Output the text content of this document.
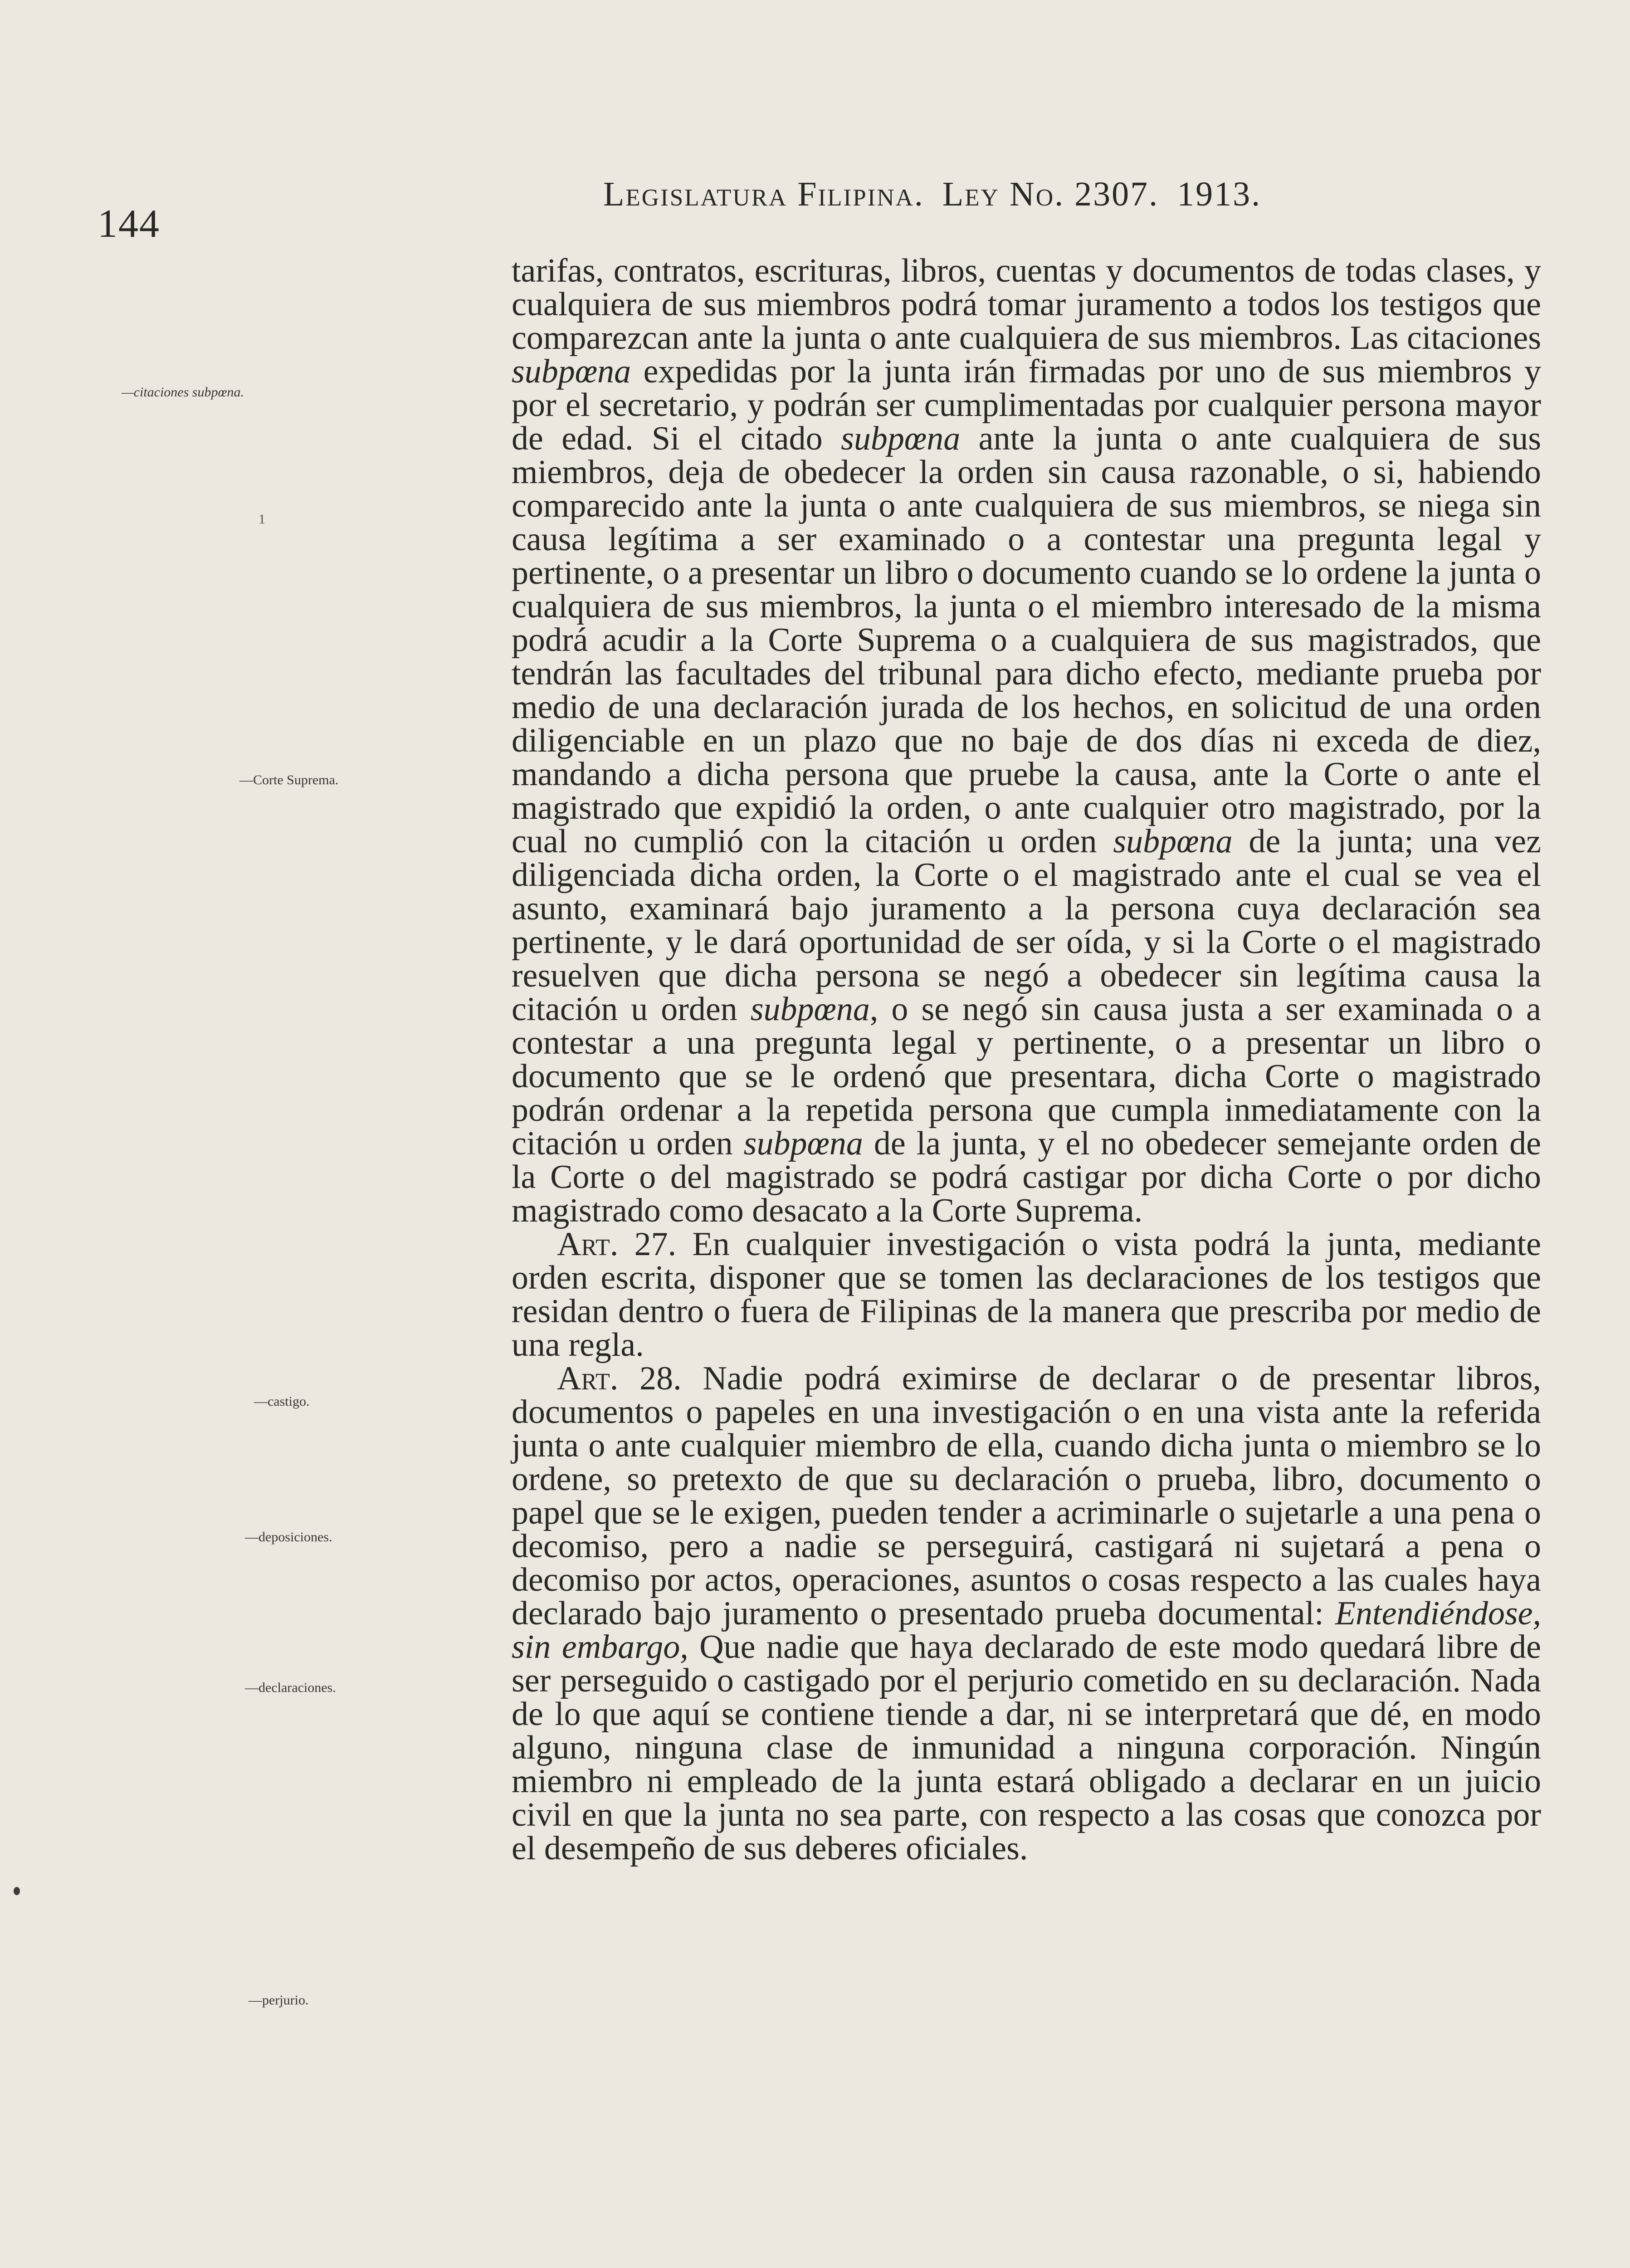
144
Legislatura Filipina. Ley No. 2307. 1913.
—citaciones subpœna.
1
—Corte Suprema.
—castigo.
—deposiciones.
—declaraciones.
—perjurio.

tarifas, contratos, escrituras, libros, cuentas y documentos de todas clases, y cualquiera de sus miembros podrá tomar juramento a todos los testigos que comparezcan ante la junta o ante cualquiera de sus miembros. Las citaciones subpœna expedidas por la junta irán firmadas por uno de sus miembros y por el secretario, y podrán ser cumplimentadas por cualquier persona mayor de edad. Si el citado subpœna ante la junta o ante cualquiera de sus miembros, deja de obedecer la orden sin causa razonable, o si, habiendo comparecido ante la junta o ante cualquiera de sus miembros, se niega sin causa legítima a ser examinado o a contestar una pregunta legal y pertinente, o a presentar un libro o documento cuando se lo ordene la junta o cualquiera de sus miembros, la junta o el miembro interesado de la misma podrá acudir a la Corte Suprema o a cualquiera de sus magistrados, que tendrán las facultades del tribunal para dicho efecto, mediante prueba por medio de una declaración jurada de los hechos, en solicitud de una orden diligenciable en un plazo que no baje de dos días ni exceda de diez, mandando a dicha persona que pruebe la causa, ante la Corte o ante el magistrado que expidió la orden, o ante cualquier otro magistrado, por la cual no cumplió con la citación u orden subpœna de la junta; una vez diligenciada dicha orden, la Corte o el magistrado ante el cual se vea el asunto, examinará bajo juramento a la persona cuya declaración sea pertinente, y le dará oportunidad de ser oída, y si la Corte o el magistrado resuelven que dicha persona se negó a obedecer sin legítima causa la citación u orden subpœna, o se negó sin causa justa a ser examinada o a contestar a una pregunta legal y pertinente, o a presentar un libro o documento que se le ordenó que presentara, dicha Corte o magistrado podrán ordenar a la repetida persona que cumpla inmediatamente con la citación u orden subpœna de la junta, y el no obedecer semejante orden de la Corte o del magistrado se podrá castigar por dicha Corte o por dicho magistrado como desacato a la Corte Suprema.

Art. 27. En cualquier investigación o vista podrá la junta, mediante orden escrita, disponer que se tomen las declaraciones de los testigos que residan dentro o fuera de Filipinas de la manera que prescriba por medio de una regla.

Art. 28. Nadie podrá eximirse de declarar o de presentar libros, documentos o papeles en una investigación o en una vista ante la referida junta o ante cualquier miembro de ella, cuando dicha junta o miembro se lo ordene, so pretexto de que su declaración o prueba, libro, documento o papel que se le exigen, pueden tender a acriminarle o sujetarle a una pena o decomiso, pero a nadie se perseguirá, castigará ni sujetará a pena o decomiso por actos, operaciones, asuntos o cosas respecto a las cuales haya declarado bajo juramento o presentado prueba documental: Entendiéndose, sin embargo, Que nadie que haya declarado de este modo quedará libre de ser perseguido o castigado por el perjurio cometido en su declaración. Nada de lo que aquí se contiene tiende a dar, ni se interpretará que dé, en modo alguno, ninguna clase de inmunidad a ninguna corporación. Ningún miembro ni empleado de la junta estará obligado a declarar en un juicio civil en que la junta no sea parte, con respecto a las cosas que conozca por el desempeño de sus deberes oficiales.
